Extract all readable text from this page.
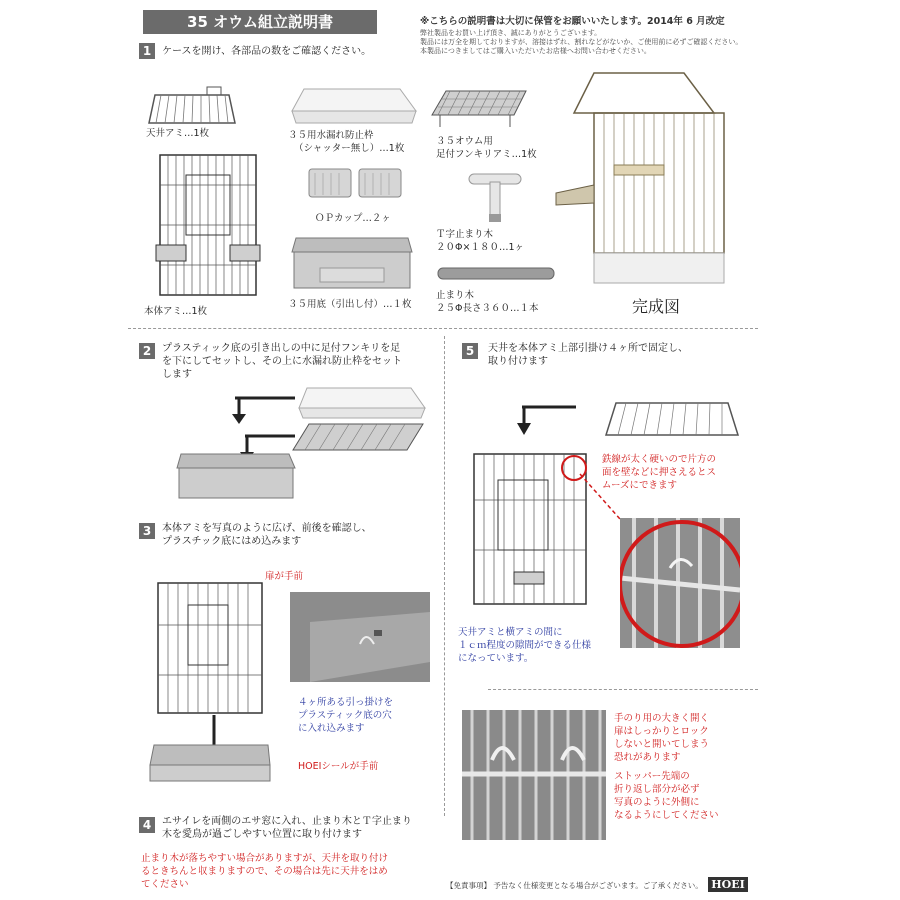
35 オウム組立説明書	※こちらの説明書は大切に保管をお願いいたします。2014年 6 月改定
弊社製品をお買い上げ頂き、誠にありがとうございます。
製品には万全を期しておりますが、溶接はずれ、割れなどがないか、ご使用前に必ずご確認ください。
本製品につきましてはご購入いただいたお店様へお問い合わせください。
1	ケースを開け、各部品の数をご確認ください。
天井アミ…1枚	３５用水漏れ防止枠
（シャッター無し）…1枚
３５オウム用
足付フンキリアミ…1枚
ＯＰカップ…２ヶ
Ｔ字止まり木
２０Φ×１８０…1ヶ
本体アミ…1枚
３５用底（引出し付）…１枚
止まり木
２５Φ長さ３６０…１本	完成図
2	プラスティック底の引き出しの中に足付フンキリを足
を下にしてセットし、その上に水漏れ防止枠をセット
します
3	本体アミを写真のように広げ、前後を確認し、
プラスチック底にはめ込みます
扉が手前
４ヶ所ある引っ掛けを
プラスティック底の穴
に入れ込みます
HOEIシールが手前
4	エサイレを両側のエサ窓に入れ、止まり木とＴ字止まり
木を愛鳥が過ごしやすい位置に取り付けます
止まり木が落ちやすい場合がありますが、天井を取り付け
るときちんと収まりますので、その場合は先に天井をはめ
てください
5	天井を本体アミ上部引掛け４ヶ所で固定し、
取り付けます
鉄線が太く硬いので片方の
面を壁などに押さえるとス
ムーズにできます
天井アミと横アミの間に
１ｃｍ程度の隙間ができる仕様
になっています。
手のり用の大きく開く
扉はしっかりとロック
しないと開いてしまう
恐れがあります
ストッパー先端の
折り返し部分が必ず
写真のように外側に
なるようにしてください
【免責事項】 予告なく仕様変更となる場合がございます。ご了承ください。 HOEI
